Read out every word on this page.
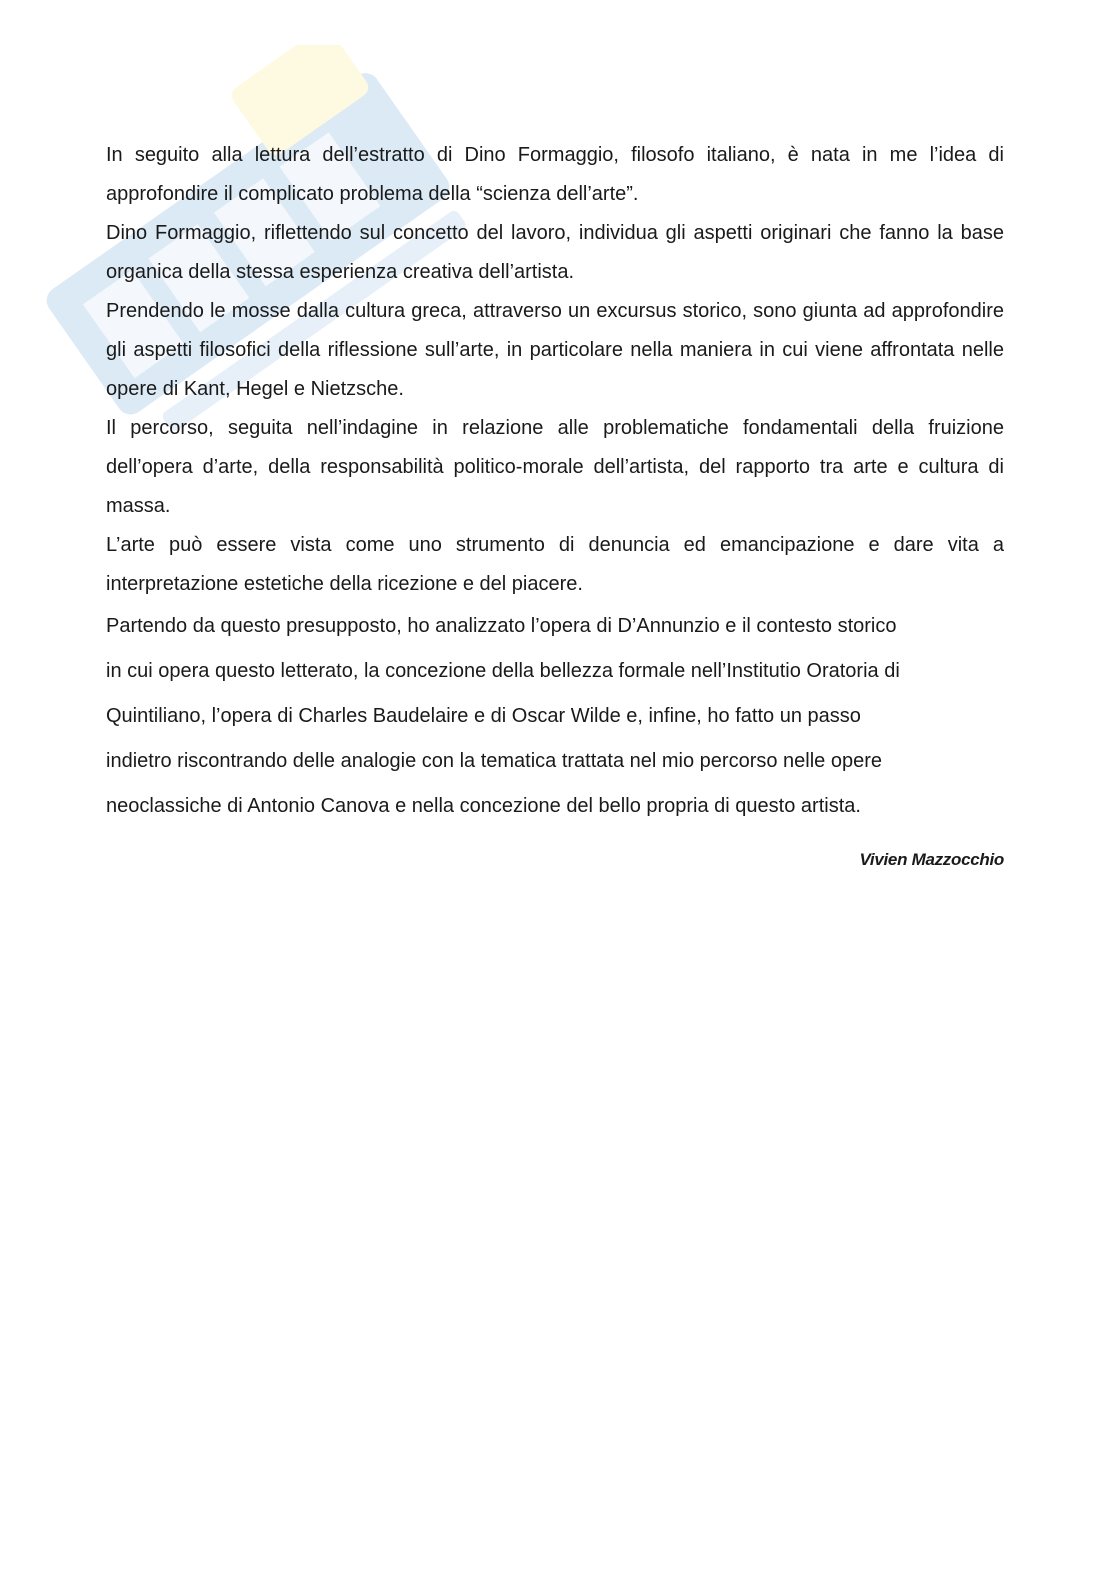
In seguito alla lettura dell’estratto di Dino Formaggio, filosofo italiano, è nata in me l’idea di approfondire il complicato problema della “scienza dell’arte”.

Dino Formaggio, riflettendo sul concetto del lavoro, individua gli aspetti originari che fanno la base organica della stessa esperienza creativa dell’artista.

Prendendo le mosse dalla cultura greca, attraverso un excursus storico, sono giunta ad approfondire gli aspetti filosofici della riflessione sull’arte, in particolare nella maniera in cui viene affrontata nelle opere di Kant, Hegel e Nietzsche.

Il percorso, seguita nell’indagine in relazione alle problematiche fondamentali della fruizione dell’opera d’arte, della responsabilità politico-morale dell’artista, del rapporto tra arte e cultura di massa.

L’arte può essere vista come uno strumento di denuncia ed emancipazione e dare vita a interpretazione estetiche della ricezione e del piacere.

Partendo da questo presupposto, ho analizzato l’opera di D’Annunzio e il contesto storico

in cui opera questo letterato, la concezione della bellezza formale nell’Institutio Oratoria di

Quintiliano, l’opera di Charles Baudelaire e di Oscar Wilde e, infine, ho fatto un passo

indietro riscontrando delle analogie con la tematica trattata nel mio percorso nelle opere

neoclassiche di Antonio Canova e nella concezione del bello propria di questo artista.

Vivien Mazzocchio
